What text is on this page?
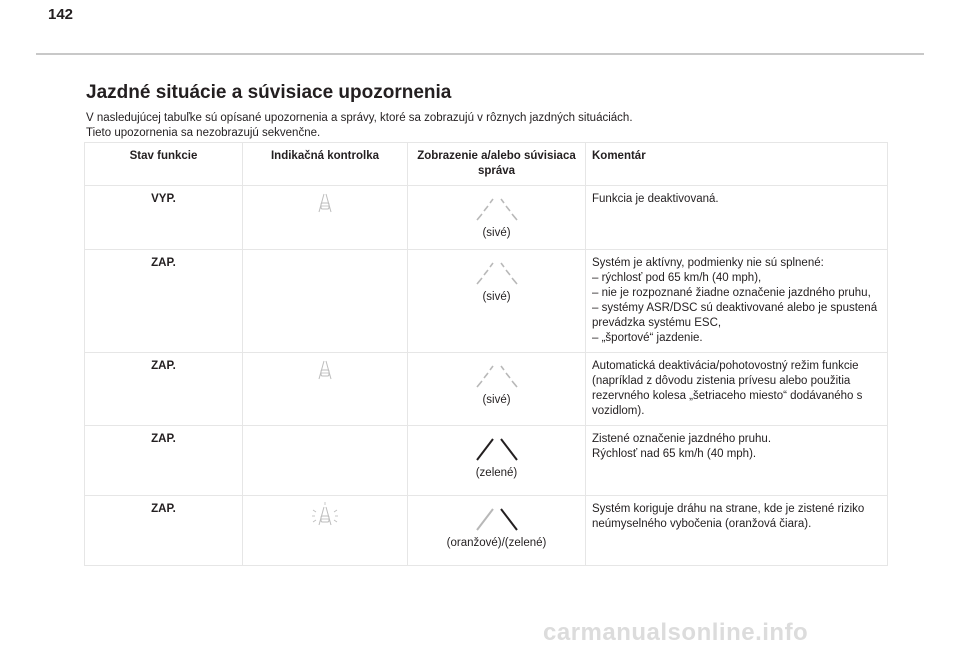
142
Jazdné situácie a súvisiace upozornenia

V nasledujúcej tabuľke sú opísané upozornenia a správy, ktoré sa zobrazujú v rôznych jazdných situáciách.

Tieto upozornenia sa nezobrazujú sekvenčne.

Stav funkcie	Indikačná kontrolka	Zobrazenie a/alebo súvisiaca správa	Komentár
VYP.		(sivé)	Funkcia je deaktivovaná.

ZAP.		(sivé)	Systém je aktívny, podmienky nie sú splnené:

– rýchlosť pod 65 km/h (40 mph),

– nie je rozpoznané žiadne označenie jazdného pruhu,

– systémy ASR/DSC sú deaktivované alebo je spustená prevádzka systému ESC,

– „športové“ jazdenie.

ZAP.		(sivé)	Automatická deaktivácia/pohotovostný režim funkcie (napríklad z dôvodu zistenia prívesu alebo použitia rezervného kolesa „šetriaceho miesto“ dodávaného s vozidlom).

ZAP.		(zelené)	Zistené označenie jazdného pruhu.

Rýchlosť nad 65 km/h (40 mph).

ZAP.		(oranžové)/(zelené)	Systém koriguje dráhu na strane, kde je zistené riziko neúmyselného vybočenia (oranžová čiara).

carmanualsonline.info
